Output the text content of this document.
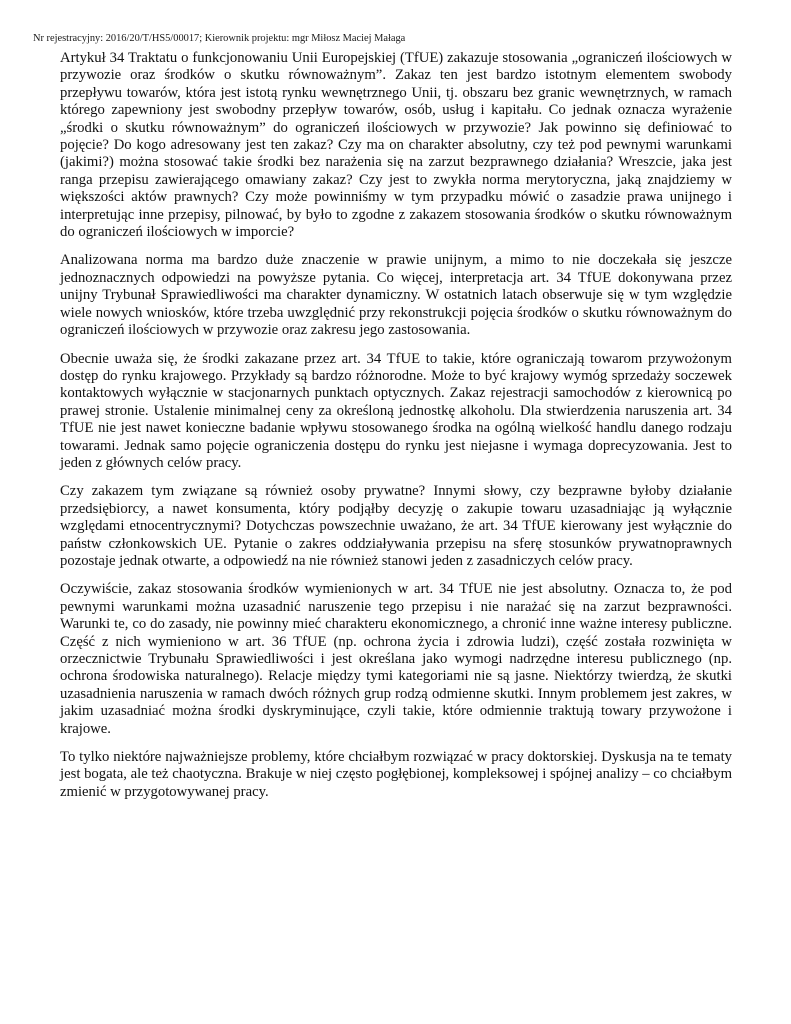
Nr rejestracyjny: 2016/20/T/HS5/00017; Kierownik projektu: mgr Miłosz Maciej Małaga

Artykuł 34 Traktatu o funkcjonowaniu Unii Europejskiej (TfUE) zakazuje stosowania „ograniczeń ilościowych w przywozie oraz środków o skutku równoważnym”. Zakaz ten jest bardzo istotnym elementem swobody przepływu towarów, która jest istotą rynku wewnętrznego Unii, tj. obszaru bez granic wewnętrznych, w ramach którego zapewniony jest swobodny przepływ towarów, osób, usług i kapitału. Co jednak oznacza wyrażenie „środki o skutku równoważnym” do ograniczeń ilościowych w przywozie? Jak powinno się definiować to pojęcie? Do kogo adresowany jest ten zakaz? Czy ma on charakter absolutny, czy też pod pewnymi warunkami (jakimi?) można stosować takie środki bez narażenia się na zarzut bezprawnego działania? Wreszcie, jaka jest ranga przepisu zawierającego omawiany zakaz? Czy jest to zwykła norma merytoryczna, jaką znajdziemy w większości aktów prawnych? Czy może powinniśmy w tym przypadku mówić o zasadzie prawa unijnego i interpretując inne przepisy, pilnować, by było to zgodne z zakazem stosowania środków o skutku równoważnym do ograniczeń ilościowych w imporcie?

Analizowana norma ma bardzo duże znaczenie w prawie unijnym, a mimo to nie doczekała się jeszcze jednoznacznych odpowiedzi na powyższe pytania. Co więcej, interpretacja art. 34 TfUE dokonywana przez unijny Trybunał Sprawiedliwości ma charakter dynamiczny. W ostatnich latach obserwuje się w tym względzie wiele nowych wniosków, które trzeba uwzględnić przy rekonstrukcji pojęcia środków o skutku równoważnym do ograniczeń ilościowych w przywozie oraz zakresu jego zastosowania.

Obecnie uważa się, że środki zakazane przez art. 34 TfUE to takie, które ograniczają towarom przywożonym dostęp do rynku krajowego. Przykłady są bardzo różnorodne. Może to być krajowy wymóg sprzedaży soczewek kontaktowych wyłącznie w stacjonarnych punktach optycznych. Zakaz rejestracji samochodów z kierownicą po prawej stronie. Ustalenie minimalnej ceny za określoną jednostkę alkoholu. Dla stwierdzenia naruszenia art. 34 TfUE nie jest nawet konieczne badanie wpływu stosowanego środka na ogólną wielkość handlu danego rodzaju towarami. Jednak samo pojęcie ograniczenia dostępu do rynku jest niejasne i wymaga doprecyzowania. Jest to jeden z głównych celów pracy.

Czy zakazem tym związane są również osoby prywatne? Innymi słowy, czy bezprawne byłoby działanie przedsiębiorcy, a nawet konsumenta, który podjąłby decyzję o zakupie towaru uzasadniając ją wyłącznie względami etnocentrycznymi? Dotychczas powszechnie uważano, że art. 34 TfUE kierowany jest wyłącznie do państw członkowskich UE. Pytanie o zakres oddziaływania przepisu na sferę stosunków prywatnoprawnych pozostaje jednak otwarte, a odpowiedź na nie również stanowi jeden z zasadniczych celów pracy.

Oczywiście, zakaz stosowania środków wymienionych w art. 34 TfUE nie jest absolutny. Oznacza to, że pod pewnymi warunkami można uzasadnić naruszenie tego przepisu i nie narażać się na zarzut bezprawności. Warunki te, co do zasady, nie powinny mieć charakteru ekonomicznego, a chronić inne ważne interesy publiczne. Część z nich wymieniono w art. 36 TfUE (np. ochrona życia i zdrowia ludzi), część została rozwinięta w orzecznictwie Trybunału Sprawiedliwości i jest określana jako wymogi nadrzędne interesu publicznego (np. ochrona środowiska naturalnego). Relacje między tymi kategoriami nie są jasne. Niektórzy twierdzą, że skutki uzasadnienia naruszenia w ramach dwóch różnych grup rodzą odmienne skutki. Innym problemem jest zakres, w jakim uzasadniać można środki dyskryminujące, czyli takie, które odmiennie traktują towary przywożone i krajowe.

To tylko niektóre najważniejsze problemy, które chciałbym rozwiązać w pracy doktorskiej. Dyskusja na te tematy jest bogata, ale też chaotyczna. Brakuje w niej często pogłębionej, kompleksowej i spójnej analizy – co chciałbym zmienić w przygotowywanej pracy.
